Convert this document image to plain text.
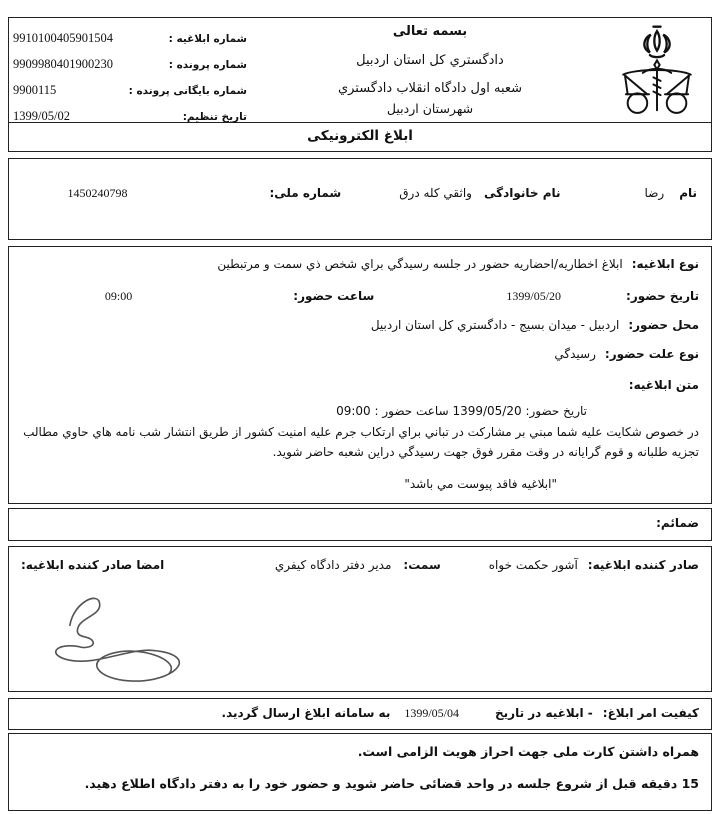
بسمه تعالی
دادگستري کل استان اردبیل
شعبه اول دادگاه انقلاب دادگستري
شهرستان اردبیل
شماره ابلاغیه :
9910100405901504
شماره پرونده :
9909980401900230
شماره بایگانی پرونده :
9900115
تاریخ تنظیم:
1399/05/02
ابلاغ الکترونیکی
نام
رضا
نام خانوادگی
واثقي کله درق
شماره ملی:
1450240798
نوع ابلاغیه:
ابلاغ اخطاریه/احضاریه حضور در جلسه رسیدگي براي شخص ذي سمت و مرتبطین
تاریخ حضور:
1399/05/20
ساعت حضور:
09:00
محل حضور:
اردبیل - میدان بسیج - دادگستري کل استان اردبیل
نوع علت حضور:
رسیدگي
متن ابلاغیه:
تاریخ حضور: 1399/05/20 ساعت حضور : 09:00
در خصوص شکایت علیه شما مبني بر مشارکت در تباني براي ارتکاب جرم علیه امنیت کشور از طریق انتشار شب نامه هاي حاوي مطالب تجزیه طلبانه و قوم گرایانه در وقت مقرر فوق جهت رسیدگي دراین شعبه حاضر شوید.
"ابلاغیه فاقد پیوست مي باشد"
ضمائم:
صادر کننده ابلاغیه:
آشور حکمت خواه
سمت:
مدیر دفتر دادگاه کیفري
امضا صادر کننده ابلاغیه:
کیفیت امر ابلاغ:
- ابلاغیه در تاریخ
1399/05/04
به سامانه ابلاغ ارسال گردید.
همراه داشتن کارت ملی جهت احراز هویت الزامی است.
15 دقیقه قبل از شروع جلسه در واحد قضائی حاضر شوید و حضور خود را به دفتر دادگاه اطلاع دهید.
